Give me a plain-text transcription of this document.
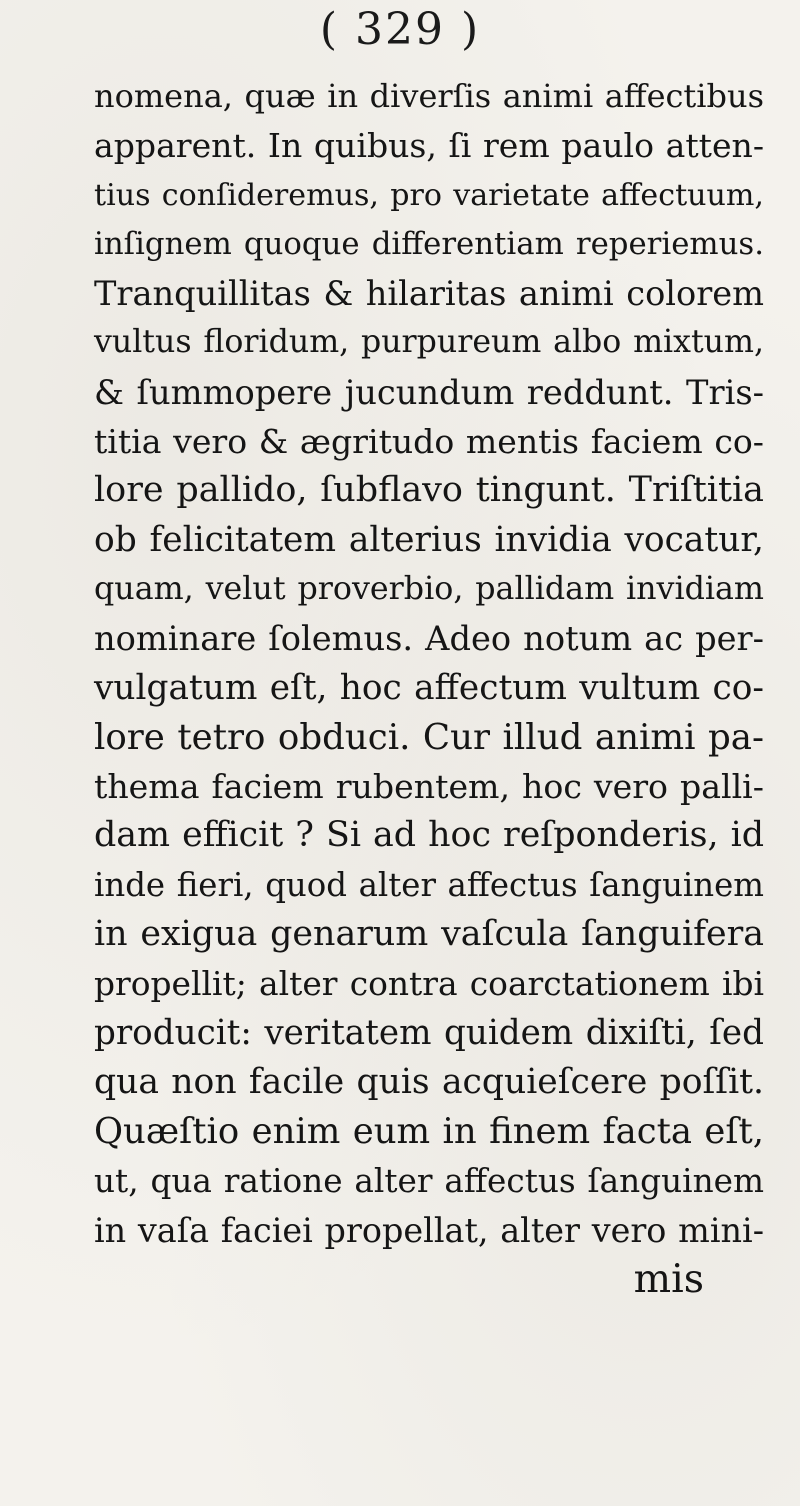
( 329 )
nomena, quæ in diverſis animi affectibus
apparent. In quibus, ſi rem paulo atten-
tius conſideremus, pro varietate affectuum,
inſignem quoque differentiam reperiemus.
Tranquillitas & hilaritas animi colorem
vultus floridum, purpureum albo mixtum,
& ſummopere jucundum reddunt. Tris-
titia vero & ægritudo mentis faciem co-
lore pallido, ſubflavo tingunt. Triſtitia
ob felicitatem alterius invidia vocatur,
quam, velut proverbio, pallidam invidiam
nominare ſolemus. Adeo notum ac per-
vulgatum eſt, hoc affectum vultum co-
lore tetro obduci. Cur illud animi pa-
thema faciem rubentem, hoc vero palli-
dam efficit ? Si ad hoc reſponderis, id
inde fieri, quod alter affectus ſanguinem
in exigua genarum vaſcula ſanguifera
propellit; alter contra coarctationem ibi
producit: veritatem quidem dixiſti, ſed
qua non facile quis acquieſcere poſſit.
Quæſtio enim eum in finem facta eſt,
ut, qua ratione alter affectus ſanguinem
in vaſa faciei propellat, alter vero mini-
mis
